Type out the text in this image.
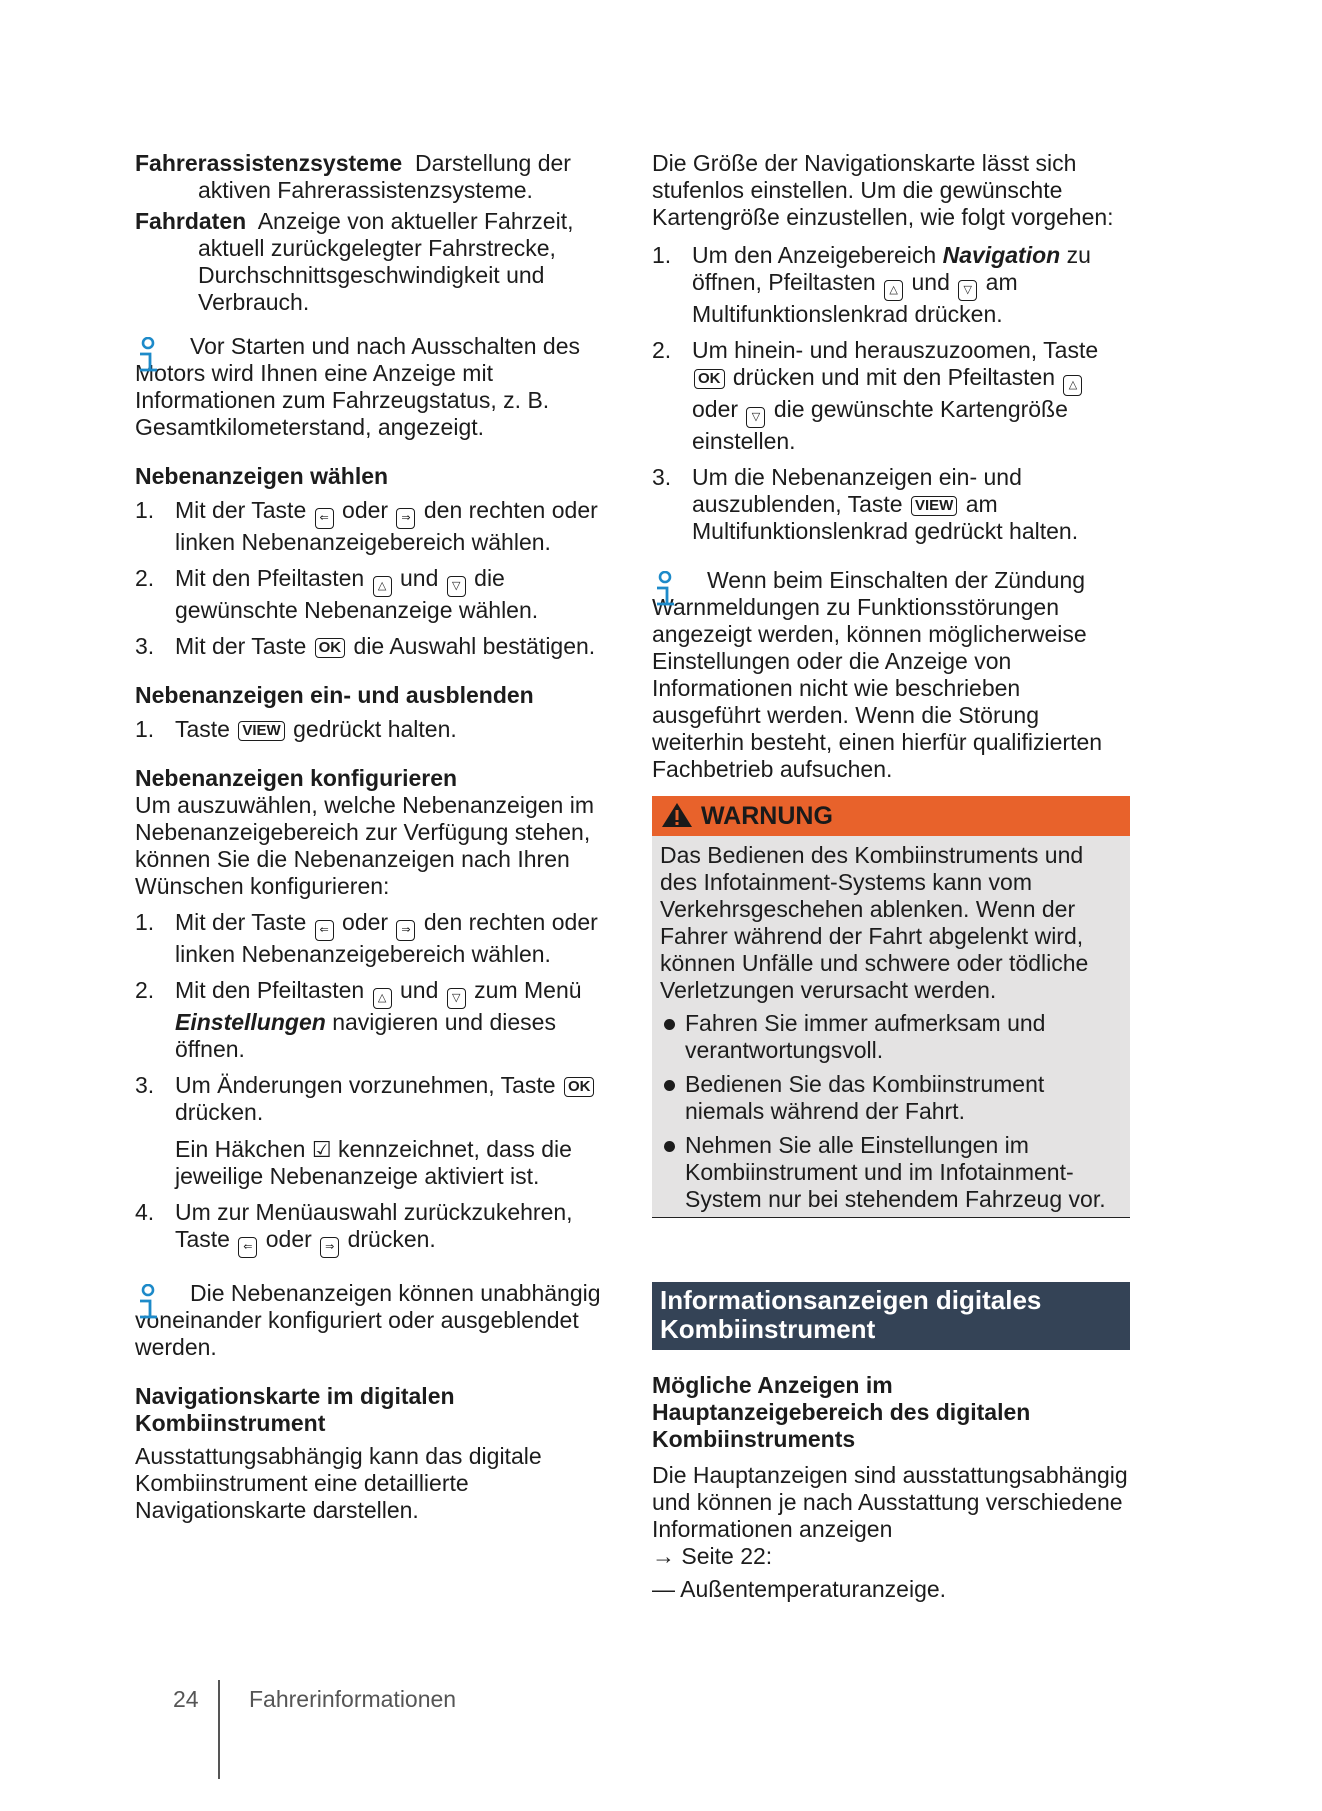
Fahrerassistenzsysteme Darstellung der aktiven Fahrerassistenzsysteme.

Fahrdaten Anzeige von aktueller Fahrzeit, aktuell zurückgelegter Fahrstrecke, Durchschnittsgeschwindigkeit und Verbrauch.

Vor Starten und nach Ausschalten des Motors wird Ihnen eine Anzeige mit Informationen zum Fahrzeugstatus, z. B. Gesamtkilometerstand, angezeigt.

Nebenanzeigen wählen

1. Mit der Taste ⇐ oder ⇒ den rechten oder linken Nebenanzeigebereich wählen.
2. Mit den Pfeiltasten △ und ▽ die gewünschte Nebenanzeige wählen.
3. Mit der Taste OK die Auswahl bestätigen.

Nebenanzeigen ein- und ausblenden

1. Taste VIEW gedrückt halten.

Nebenanzeigen konfigurieren

Um auszuwählen, welche Nebenanzeigen im Nebenanzeigebereich zur Verfügung stehen, können Sie die Nebenanzeigen nach Ihren Wünschen konfigurieren:

1. Mit der Taste ⇐ oder ⇒ den rechten oder linken Nebenanzeigebereich wählen.
2. Mit den Pfeiltasten △ und ▽ zum Menü Einstellungen navigieren und dieses öffnen.
3. Um Änderungen vorzunehmen, Taste OK drücken.

Ein Häkchen ☑ kennzeichnet, dass die jeweilige Nebenanzeige aktiviert ist.

4. Um zur Menüauswahl zurückzukehren, Taste ⇐ oder ⇒ drücken.

Die Nebenanzeigen können unabhängig voneinander konfiguriert oder ausgeblendet werden.

Navigationskarte im digitalen Kombiinstrument

Ausstattungsabhängig kann das digitale Kombiinstrument eine detaillierte Navigationskarte darstellen.

Die Größe der Navigationskarte lässt sich stufenlos einstellen. Um die gewünschte Kartengröße einzustellen, wie folgt vorgehen:

1. Um den Anzeigebereich Navigation zu öffnen, Pfeiltasten △ und ▽ am Multifunktionslenkrad drücken.
2. Um hinein- und herauszuzoomen, Taste OK drücken und mit den Pfeiltasten △ oder ▽ die gewünschte Kartengröße einstellen.
3. Um die Nebenanzeigen ein- und auszublenden, Taste VIEW am Multifunktionslenkrad gedrückt halten.

Wenn beim Einschalten der Zündung Warnmeldungen zu Funktionsstörungen angezeigt werden, können möglicherweise Einstellungen oder die Anzeige von Informationen nicht wie beschrieben ausgeführt werden. Wenn die Störung weiterhin besteht, einen hierfür qualifizierten Fachbetrieb aufsuchen.

WARNUNG

Das Bedienen des Kombiinstruments und des Infotainment-Systems kann vom Verkehrsgeschehen ablenken. Wenn der Fahrer während der Fahrt abgelenkt wird, können Unfälle und schwere oder tödliche Verletzungen verursacht werden.

Fahren Sie immer aufmerksam und verantwortungsvoll.
Bedienen Sie das Kombiinstrument niemals während der Fahrt.
Nehmen Sie alle Einstellungen im Kombiinstrument und im Infotainment-System nur bei stehendem Fahrzeug vor.
Informationsanzeigen digitales Kombiinstrument

Mögliche Anzeigen im Hauptanzeigebereich des digitalen Kombiinstruments

Die Hauptanzeigen sind ausstattungsabhängig und können je nach Ausstattung verschiedene Informationen anzeigen

→ Seite 22:

— Außentemperaturanzeige.

24 Fahrerinformationen
